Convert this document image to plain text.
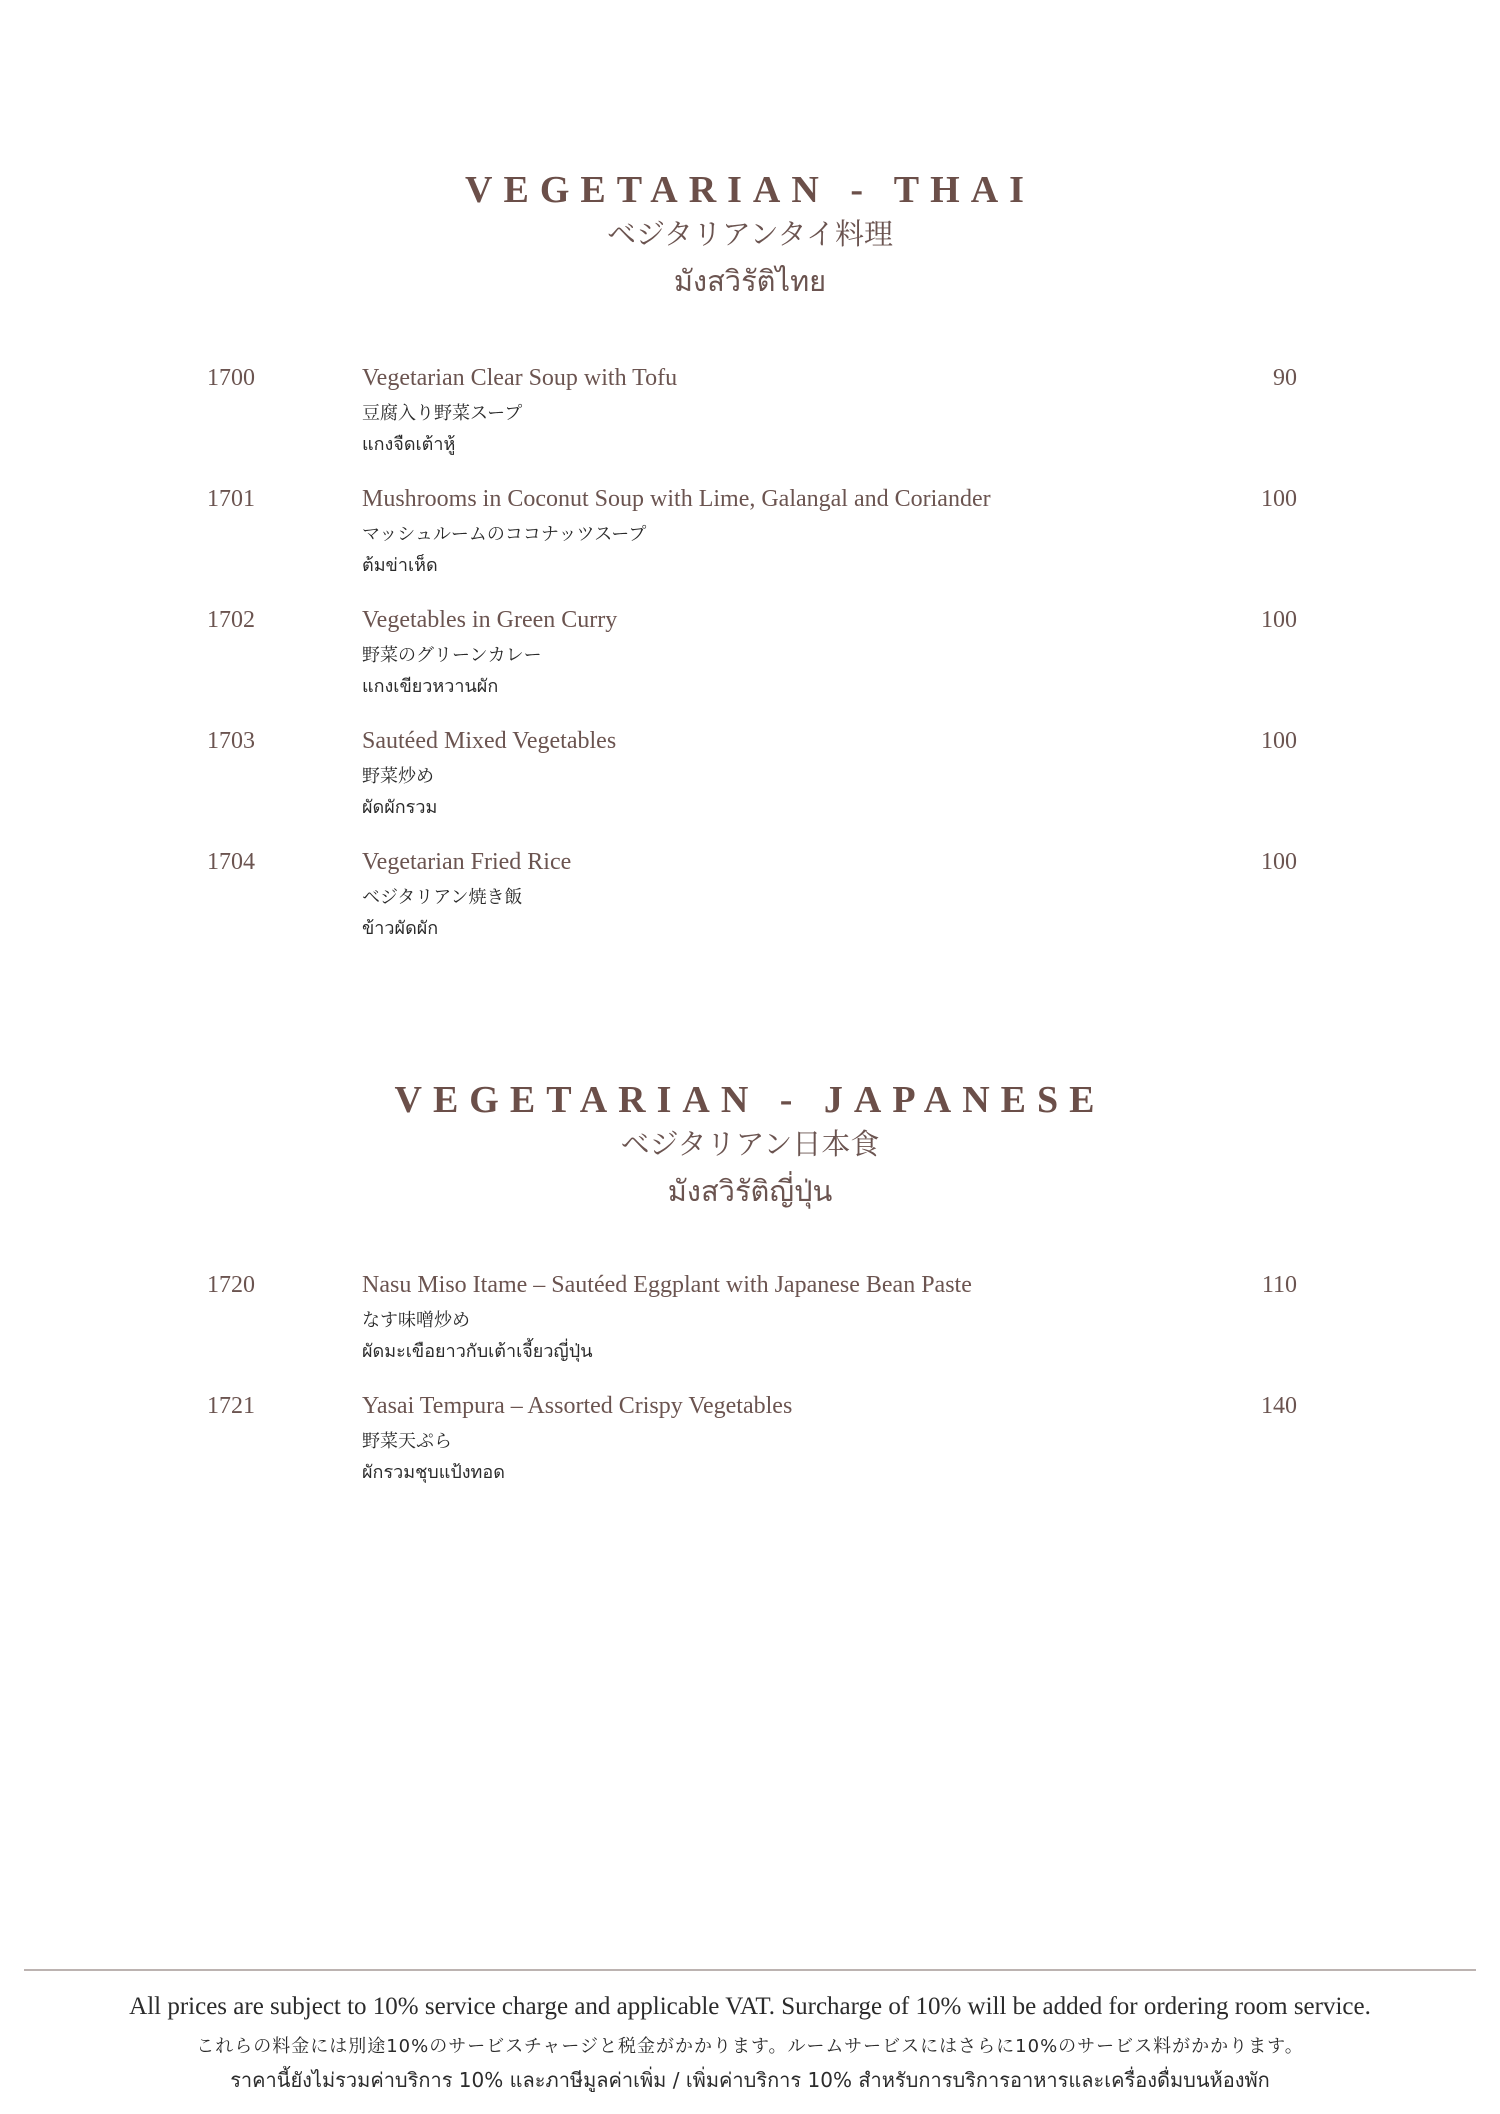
VEGETARIAN - THAI
ベジタリアンタイ料理
มังสวิรัติไทย
1700	Vegetarian Clear Soup with Tofu	90
豆腐入り野菜スープ
แกงจืดเต้าหู้
1701	Mushrooms in Coconut Soup with Lime, Galangal and Coriander	100
マッシュルームのココナッツスープ
ต้มข่าเห็ด
1702	Vegetables in Green Curry	100
野菜のグリーンカレー
แกงเขียวหวานผัก
1703	Sautéed Mixed Vegetables	100
野菜炒め
ผัดผักรวม
1704	Vegetarian Fried Rice	100
ベジタリアン焼き飯
ข้าวผัดผัก
VEGETARIAN - JAPANESE
ベジタリアン日本食
มังสวิรัติญี่ปุ่น
1720	Nasu Miso Itame – Sautéed Eggplant with Japanese Bean Paste	110
なす味噌炒め
ผัดมะเขือยาวกับเต้าเจี้ยวญี่ปุ่น
1721	Yasai Tempura – Assorted Crispy Vegetables	140
野菜天ぷら
ผักรวมชุบแป้งทอด
All prices are subject to 10% service charge and applicable VAT. Surcharge of 10% will be added for ordering room service.
これらの料金には別途10%のサービスチャージと税金がかかります。ルームサービスにはさらに10%のサービス料がかかります。
ราคานี้ยังไม่รวมค่าบริการ 10% และภาษีมูลค่าเพิ่ม / เพิ่มค่าบริการ 10% สำหรับการบริการอาหารและเครื่องดื่มบนห้องพัก
